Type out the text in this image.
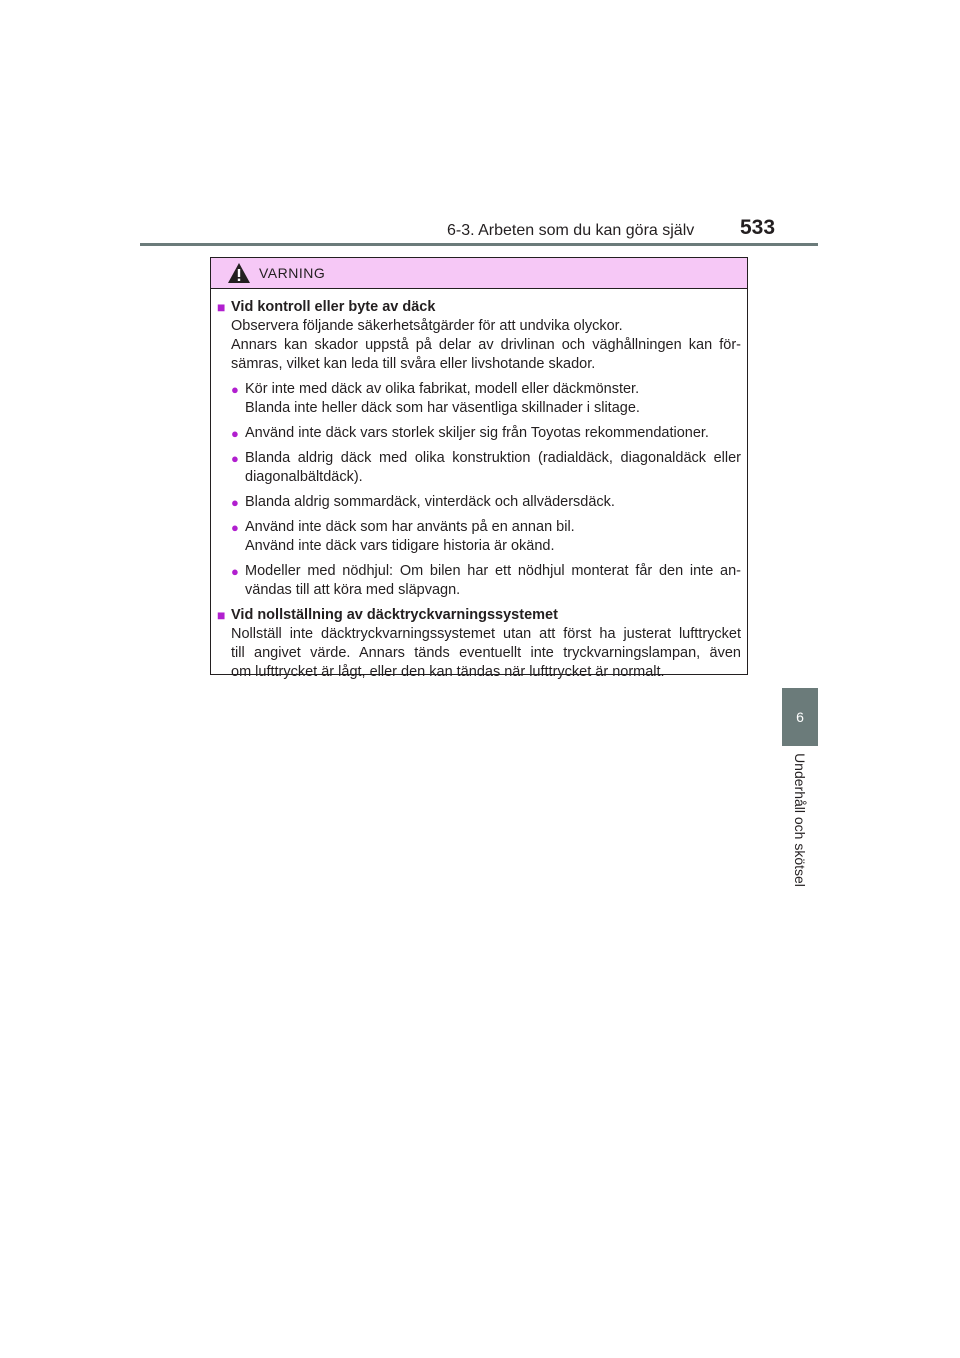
6-3. Arbeten som du kan göra själv 533
6
Underhåll och skötsel
VARNING
■ Vid kontroll eller byte av däck
Observera följande säkerhetsåtgärder för att undvika olyckor.
Annars kan skador uppstå på delar av drivlinan och väghållningen kan för-
sämras, vilket kan leda till svåra eller livshotande skador.
● Kör inte med däck av olika fabrikat, modell eller däckmönster.
Blanda inte heller däck som har väsentliga skillnader i slitage.
● Använd inte däck vars storlek skiljer sig från Toyotas rekommendationer.
● Blanda aldrig däck med olika konstruktion (radialdäck, diagonaldäck eller
diagonalbältdäck).
● Blanda aldrig sommardäck, vinterdäck och allvädersdäck.
● Använd inte däck som har använts på en annan bil.
Använd inte däck vars tidigare historia är okänd.
● Modeller med nödhjul: Om bilen har ett nödhjul monterat får den inte an-
vändas till att köra med släpvagn.
■ Vid nollställning av däcktryckvarningssystemet
Nollställ inte däcktryckvarningssystemet utan att först ha justerat lufttrycket
till angivet värde. Annars tänds eventuellt inte tryckvarningslampan, även
om lufttrycket är lågt, eller den kan tändas när lufttrycket är normalt.
